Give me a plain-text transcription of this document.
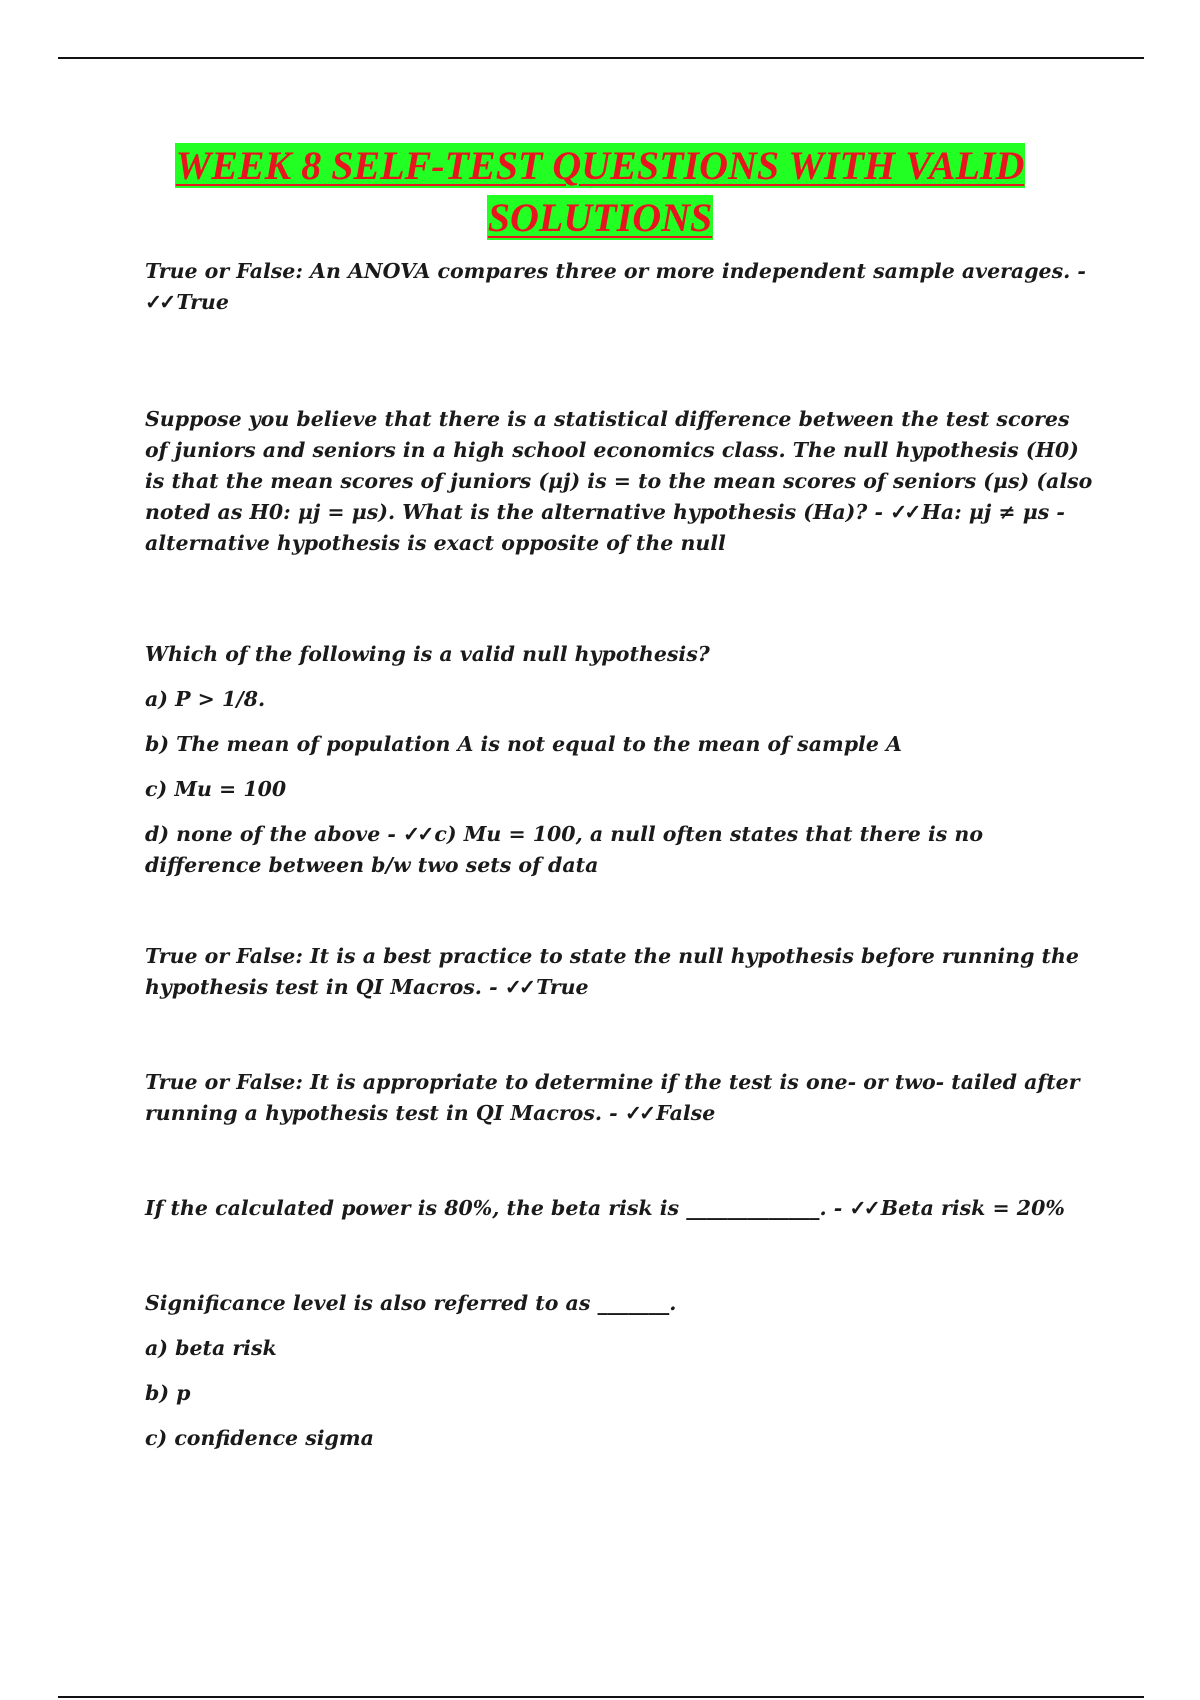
WEEK 8 SELF-TEST QUESTIONS WITH VALID
SOLUTIONS

True or False: An ANOVA compares three or more independent sample averages. - ✓✓ True

Suppose you believe that there is a statistical difference between the test scores of juniors and seniors in a high school economics class. The null hypothesis (H0) is that the mean scores of juniors (μj) is = to the mean scores of seniors (μs) (also noted as H0: μj = μs). What is the alternative hypothesis (Ha)? - ✓✓ Ha: μj ≠ μs - alternative hypothesis is exact opposite of the null

Which of the following is a valid null hypothesis?

a) P > 1/8.

b) The mean of population A is not equal to the mean of sample A

c) Mu = 100

d) none of the above - ✓✓ c) Mu = 100, a null often states that there is no difference between b/w two sets of data

True or False: It is a best practice to state the null hypothesis before running the hypothesis test in QI Macros. - ✓✓ True

True or False: It is appropriate to determine if the test is one- or two- tailed after running a hypothesis test in QI Macros. - ✓✓ False

If the calculated power is 80%, the beta risk is _____________. - ✓✓ Beta risk = 20%

Significance level is also referred to as _______.

a) beta risk

b) p

c) confidence sigma
